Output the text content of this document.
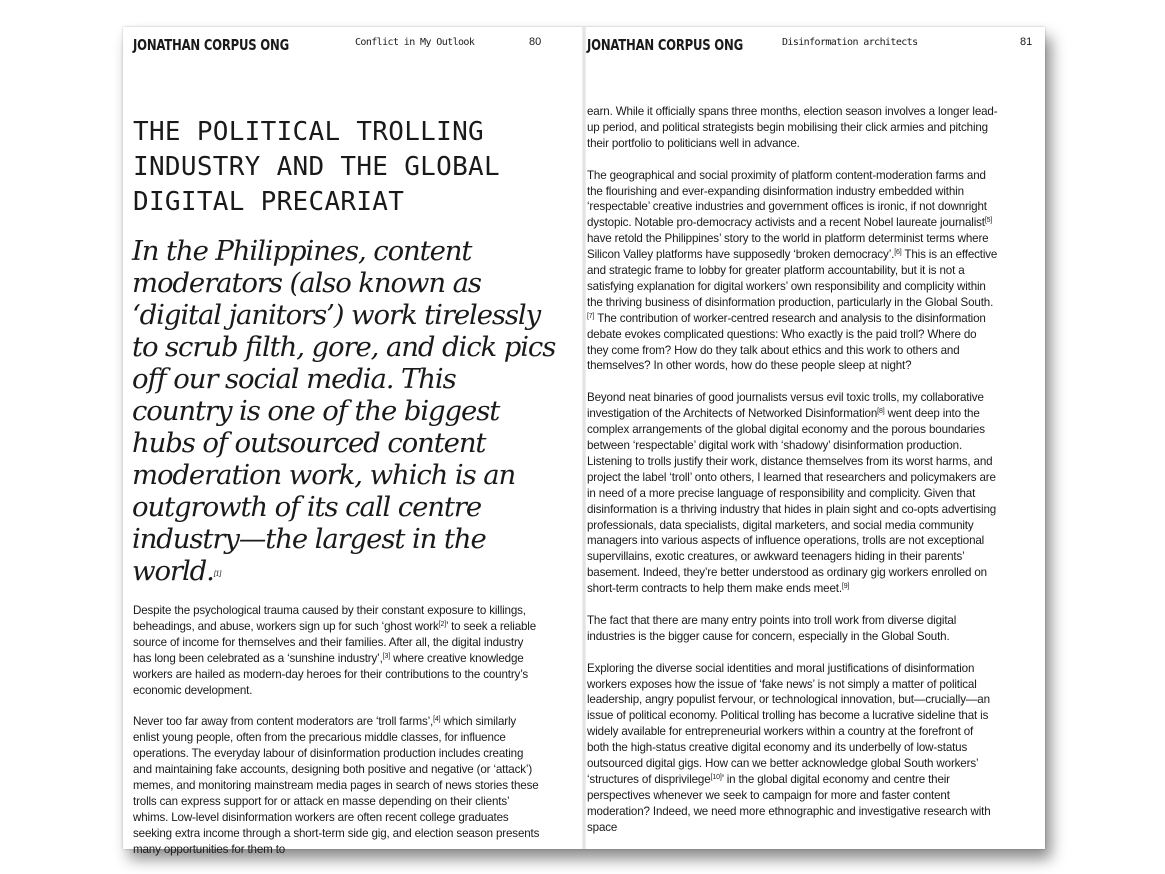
JONATHAN CORPUS ONG	Conflict in My Outlook	80
THE POLITICAL TROLLING INDUSTRY AND THE GLOBAL DIGITAL PRECARIAT
In the Philippines, content moderators (also known as ‘digital janitors’) work tirelessly to scrub filth, gore, and dick pics off our social media. This country is one of the biggest hubs of outsourced content moderation work, which is an outgrowth of its call centre industry—the largest in the world.[1]

Despite the psychological trauma caused by their constant exposure to killings, beheadings, and abuse, workers sign up for such ‘ghost work[2]’ to seek a reliable source of income for themselves and their families. After all, the digital industry has long been celebrated as a ‘sunshine industry’,[3] where creative knowledge workers are hailed as modern-day heroes for their contributions to the country’s economic development.

Never too far away from content moderators are ‘troll farms’,[4] which similarly enlist young people, often from the precarious middle classes, for influence operations. The everyday labour of disinformation production includes creating and maintaining fake accounts, designing both positive and negative (or ‘attack’) memes, and monitoring mainstream media pages in search of news stories these trolls can express support for or attack en masse depending on their clients’ whims. Low-level disinformation workers are often recent college graduates seeking extra income through a short-term side gig, and election season presents many opportunities for them to

JONATHAN CORPUS ONG	Disinformation architects	81

earn. While it officially spans three months, election season involves a longer lead-up period, and political strategists begin mobilising their click armies and pitching their portfolio to politicians well in advance.

The geographical and social proximity of platform content-moderation farms and the flourishing and ever-expanding disinformation industry embedded within ‘respectable’ creative industries and government offices is ironic, if not downright dystopic. Notable pro-democracy activists and a recent Nobel laureate journalist[5] have retold the Philippines’ story to the world in platform determinist terms where Silicon Valley platforms have supposedly ‘broken democracy’.[6] This is an effective and strategic frame to lobby for greater platform accountability, but it is not a satisfying explanation for digital workers’ own responsibility and complicity within the thriving business of disinformation production, particularly in the Global South.[7] The contribution of worker-centred research and analysis to the disinformation debate evokes complicated questions: Who exactly is the paid troll? Where do they come from? How do they talk about ethics and this work to others and themselves? In other words, how do these people sleep at night?

Beyond neat binaries of good journalists versus evil toxic trolls, my collaborative investigation of the Architects of Networked Disinformation[8] went deep into the complex arrangements of the global digital economy and the porous boundaries between ‘respectable’ digital work with ‘shadowy’ disinformation production. Listening to trolls justify their work, distance themselves from its worst harms, and project the label ‘troll’ onto others, I learned that researchers and policymakers are in need of a more precise language of responsibility and complicity. Given that disinformation is a thriving industry that hides in plain sight and co-opts advertising professionals, data specialists, digital marketers, and social media community managers into various aspects of influence operations, trolls are not exceptional supervillains, exotic creatures, or awkward teenagers hiding in their parents’ basement. Indeed, they’re better understood as ordinary gig workers enrolled on short-term contracts to help them make ends meet.[9]

The fact that there are many entry points into troll work from diverse digital industries is the bigger cause for concern, especially in the Global South.

Exploring the diverse social identities and moral justifications of disinformation workers exposes how the issue of ‘fake news’ is not simply a matter of political leadership, angry populist fervour, or technological innovation, but—crucially—an issue of political economy. Political trolling has become a lucrative sideline that is widely available for entrepreneurial workers within a country at the forefront of both the high-status creative digital economy and its underbelly of low-status outsourced digital gigs. How can we better acknowledge global South workers’ ‘structures of disprivilege[10]’ in the global digital economy and centre their perspectives whenever we seek to campaign for more and faster content moderation? Indeed, we need more ethnographic and investigative research with space
